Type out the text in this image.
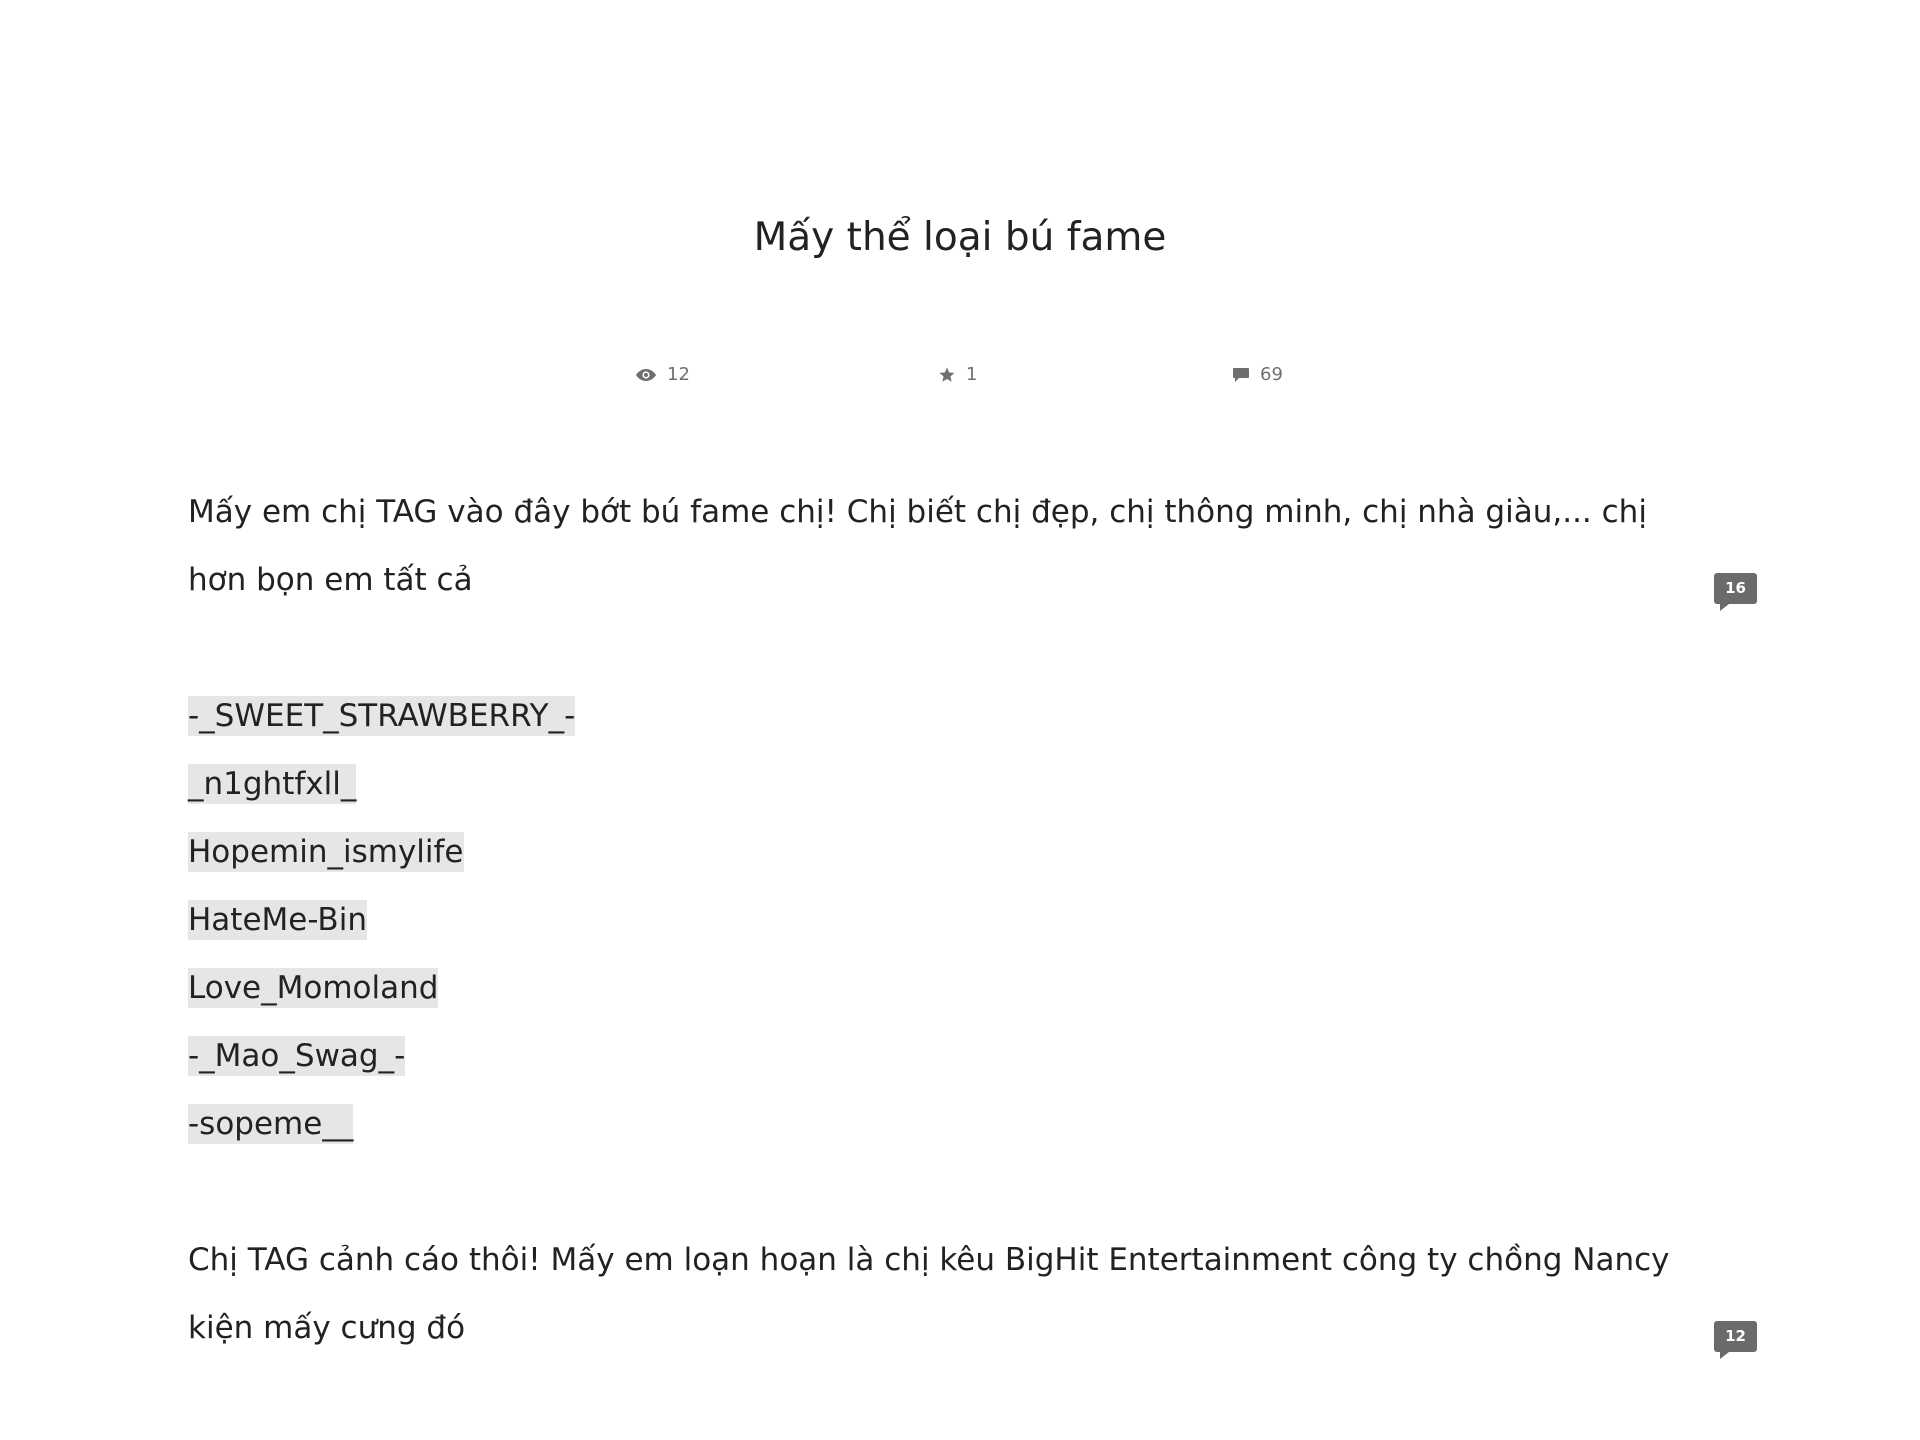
Mấy thể loại bú fame
12	1	69

Mấy em chị TAG vào đây bớt bú fame chị! Chị biết chị đẹp, chị thông minh, chị nhà giàu,... chị hơn bọn em tất cả	16

-_SWEET_STRAWBERRY_-
_n1ghtfxll_
Hopemin_ismylife
HateMe-Bin
Love_Momoland
-_Mao_Swag_-
-sopeme__

Chị TAG cảnh cáo thôi! Mấy em loạn hoạn là chị kêu BigHit Entertainment công ty chồng Nancy kiện mấy cưng đó	12
